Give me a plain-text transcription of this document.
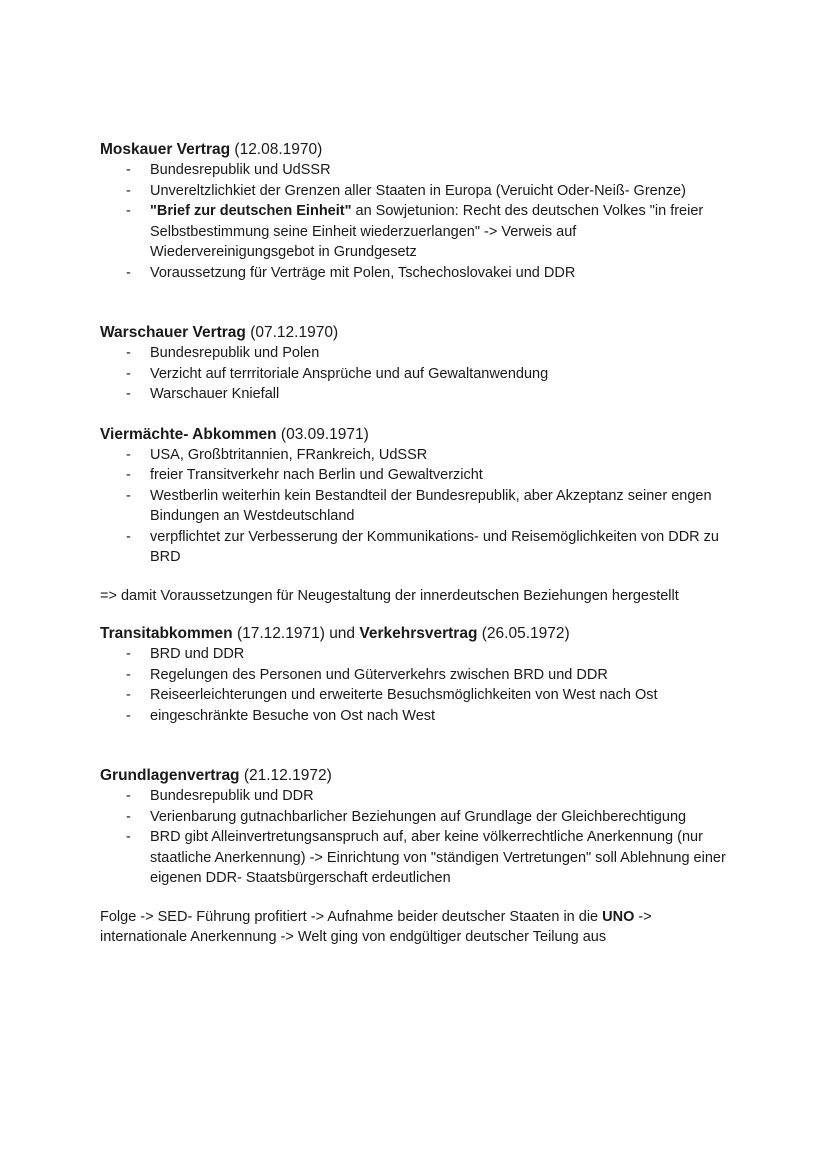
Moskauer Vertrag (12.08.1970)

- Bundesrepublik und UdSSR
- Unvereltzlichkiet der Grenzen aller Staaten in Europa (Veruicht Oder-Neiß- Grenze)
- "Brief zur deutschen Einheit" an Sowjetunion: Recht des deutschen Volkes "in freier Selbstbestimmung seine Einheit wiederzuerlangen" -> Verweis auf Wiedervereinigungsgebot in Grundgesetz
- Voraussetzung für Verträge mit Polen, Tschechoslovakei und DDR

Warschauer Vertrag (07.12.1970)

- Bundesrepublik und Polen
- Verzicht auf terrritoriale Ansprüche und auf Gewaltanwendung
- Warschauer Kniefall

Viermächte- Abkommen (03.09.1971)

- USA, Großbtritannien, FRankreich, UdSSR
- freier Transitverkehr nach Berlin und Gewaltverzicht
- Westberlin weiterhin kein Bestandteil der Bundesrepublik, aber Akzeptanz seiner engen Bindungen an Westdeutschland
- verpflichtet zur Verbesserung der Kommunikations- und Reisemöglichkeiten von DDR zu BRD

=> damit Voraussetzungen für Neugestaltung der innerdeutschen Beziehungen hergestellt

Transitabkommen (17.12.1971) und Verkehrsvertrag (26.05.1972)

- BRD und DDR
- Regelungen des Personen und Güterverkehrs zwischen BRD und DDR
- Reiseerleichterungen und erweiterte Besuchsmöglichkeiten von West nach Ost
- eingeschränkte Besuche von Ost nach West

Grundlagenvertrag (21.12.1972)

- Bundesrepublik und DDR
- Verienbarung gutnachbarlicher Beziehungen auf Grundlage der Gleichberechtigung
- BRD gibt Alleinvertretungsanspruch auf, aber keine völkerrechtliche Anerkennung (nur staatliche Anerkennung) -> Einrichtung von "ständigen Vertretungen" soll Ablehnung einer eigenen DDR- Staatsbürgerschaft erdeutlichen

Folge -> SED- Führung profitiert -> Aufnahme beider deutscher Staaten in die UNO -> internationale Anerkennung -> Welt ging von endgültiger deutscher Teilung aus
